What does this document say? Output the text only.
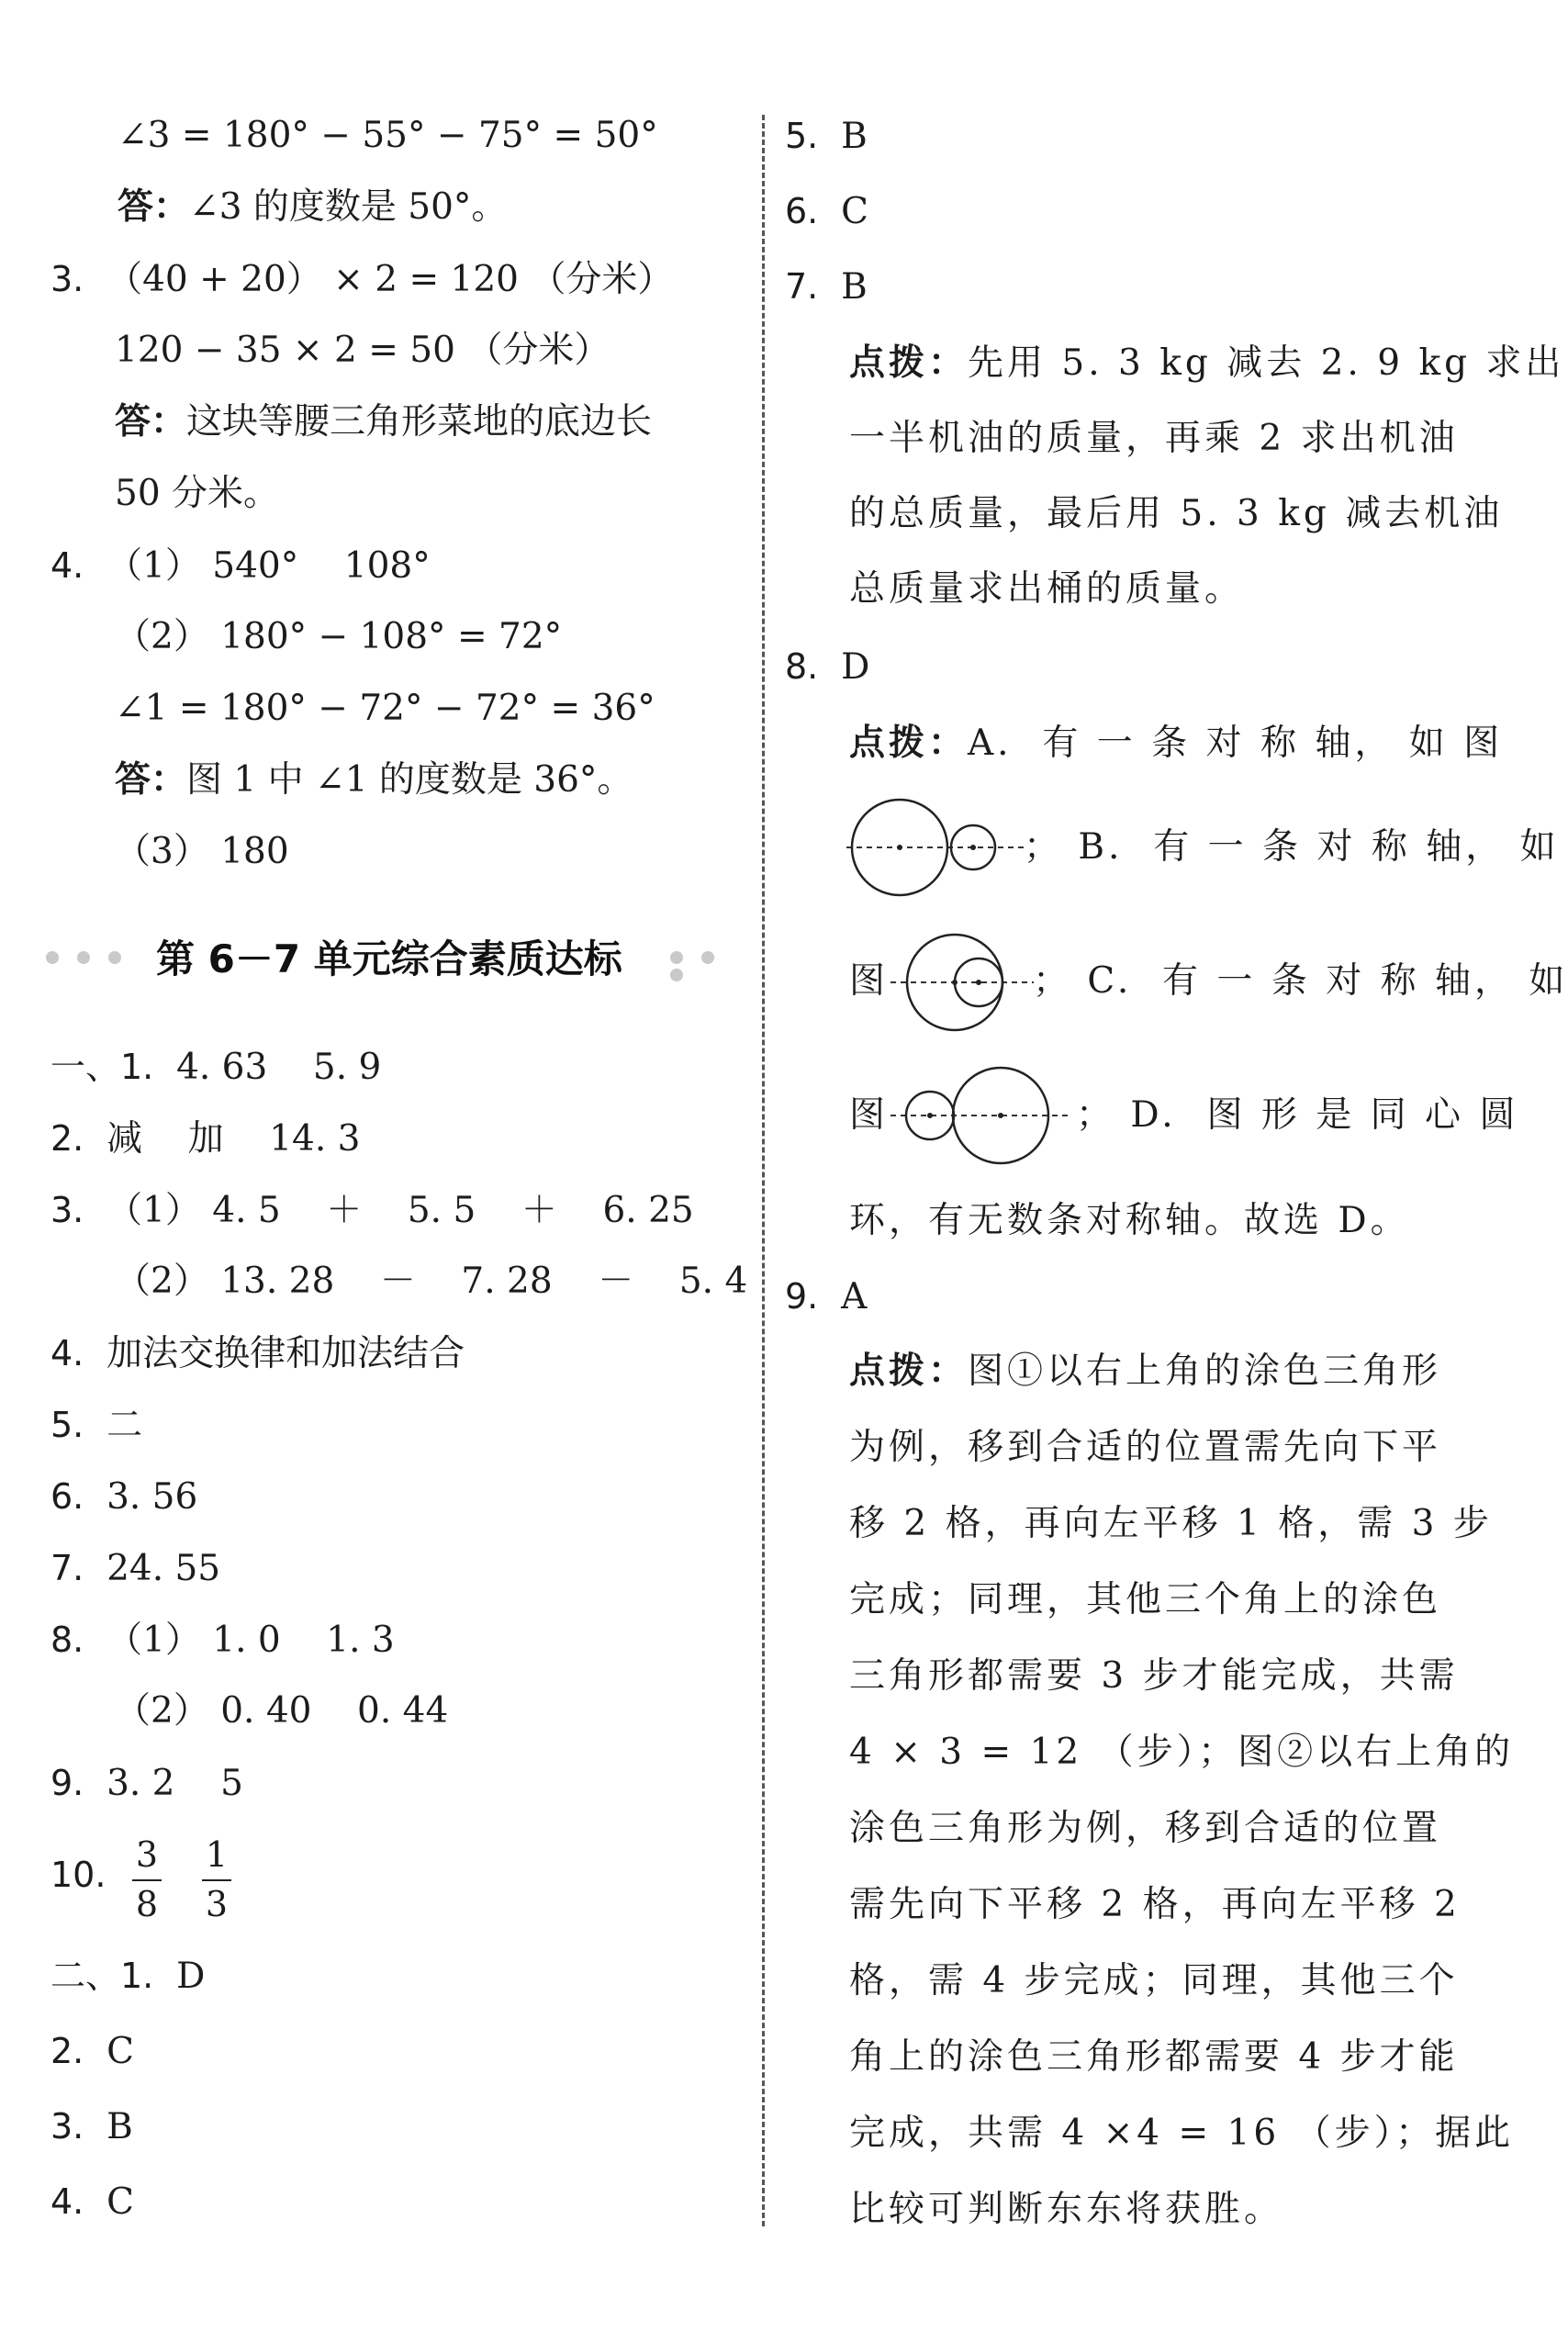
∠3 = 180° − 55° − 75° = 50°
答：∠3 的度数是 50°。
3. （40 + 20） × 2 = 120 （分米）
120 − 35 × 2 = 50 （分米）
答：这块等腰三角形菜地的底边长
50 分米。
4. （1） 540°    108°
（2） 180° − 108° = 72°
∠1 = 180° − 72° − 72° = 36°
答：图 1 中 ∠1 的度数是 36°。
（3） 180
第 6－7 单元综合素质达标
一、1. 4. 63    5. 9
2. 减    加    14. 3
3. （1） 4. 5    ＋    5. 5    ＋    6. 25
（2） 13. 28    －    7. 28    －    5. 4
4. 加法交换律和加法结合
5. 二
6. 3. 56
7. 24. 55
8. （1） 1. 0    1. 3
（2） 0. 40    0. 44
9. 3. 2    5
10. 3
8
1
3
二、1. D
2. C
3. B
4. C
5. B
6. C
7. B
点拨：先用 5. 3 kg 减去 2. 9 kg 求出
一半机油的质量，再乘 2 求出机油
的总质量，最后用 5. 3 kg 减去机油
总质量求出桶的质量。
8. D
点拨：A.  有 一 条 对 称 轴， 如 图
； B.  有 一 条 对 称 轴， 如
图	； C.  有 一 条 对 称 轴， 如
图	； D.  图 形 是 同 心 圆
环，有无数条对称轴。故选 D。
9. A
点拨：图①以右上角的涂色三角形
为例，移到合适的位置需先向下平
移 2 格，再向左平移 1 格，需 3 步
完成；同理，其他三个角上的涂色
三角形都需要 3 步才能完成，共需
4 × 3 = 12 （步）；图②以右上角的
涂色三角形为例，移到合适的位置
需先向下平移 2 格，再向左平移 2
格，需 4 步完成；同理，其他三个
角上的涂色三角形都需要 4 步才能
完成，共需 4 ×4 = 16 （步）；据此
比较可判断东东将获胜。
